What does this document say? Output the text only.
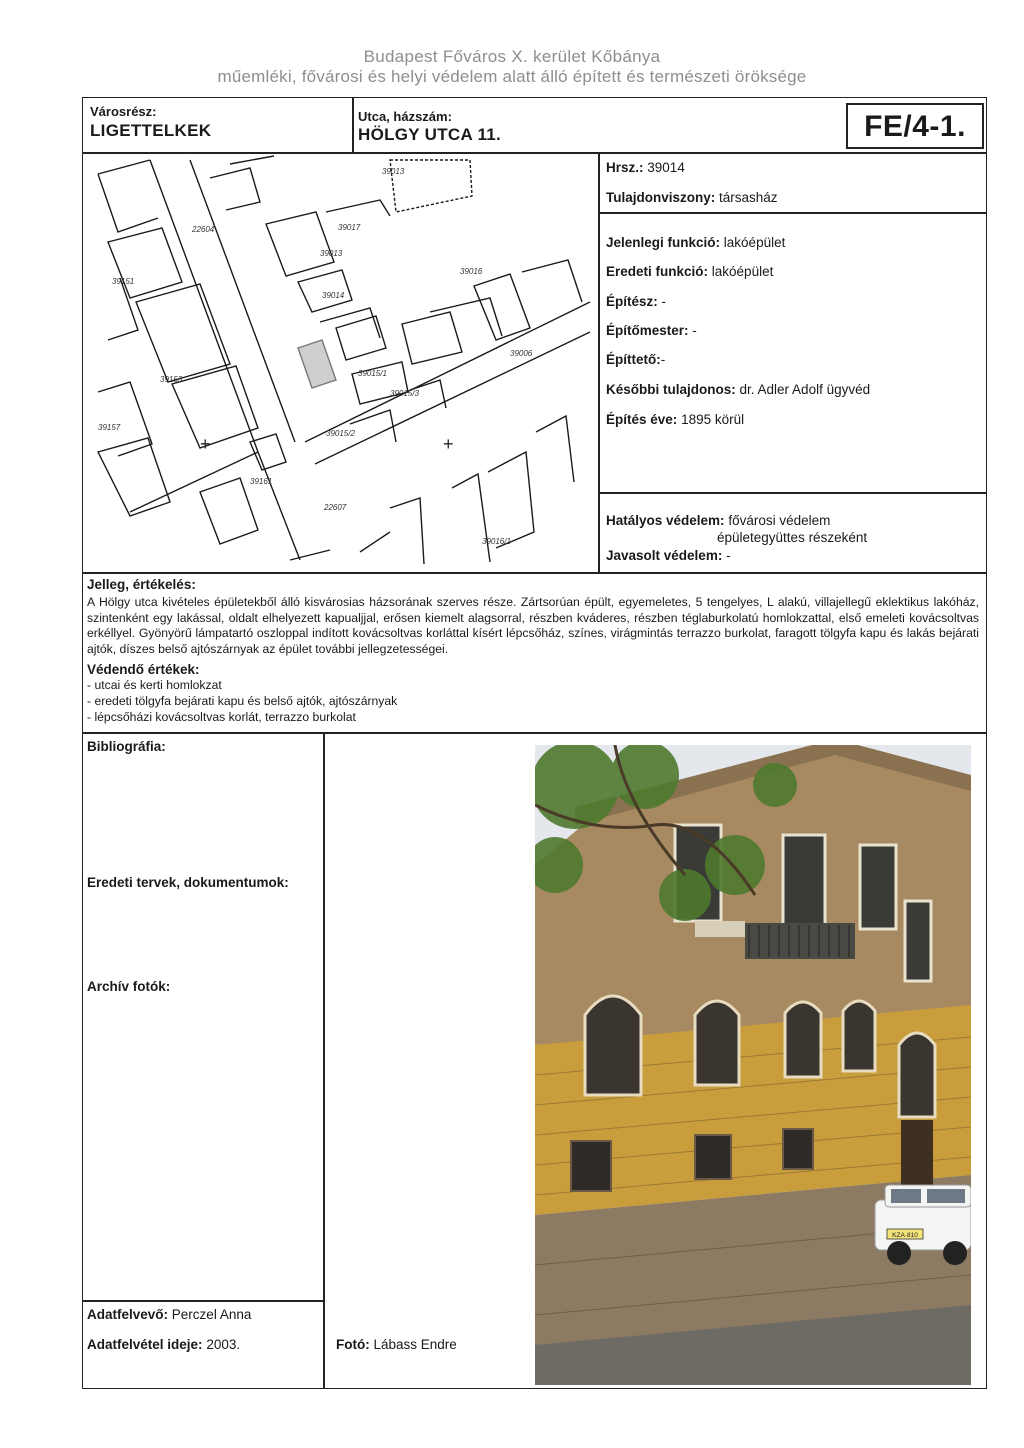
Budapest Főváros X. kerület Kőbánya
műemléki, fővárosi és helyi védelem alatt álló épített és természeti öröksége
Városrész:
LIGETTELKEK
Utca, házszám:
HÖLGY UTCA 11.	FE/4-1.
39013
39017
39014
39016
39015/1
39015/3
39013
39015/2
22604
22607
39151
39153
39157
39161
39006
39016/1
+
+
Hrsz.: 39014
Tulajdonviszony: társasház
Jelenlegi funkció: lakóépület
Eredeti funkció: lakóépület
Építész: -
Építőmester: -
Építtető:-
Későbbi tulajdonos: dr. Adler Adolf ügyvéd
Építés éve: 1895 körül
Hatályos védelem: fővárosi védelem
épületegyüttes részeként
Javasolt védelem: -
Jelleg, értékelés:
A Hölgy utca kivételes épületekből álló kisvárosias házsorának szerves része. Zártsorúan épült, egyemeletes, 5 tengelyes, L alakú, villajellegű eklektikus lakóház, szintenként egy lakással, oldalt elhelyezett kapualjjal, erősen kiemelt alagsorral, részben kváderes, részben téglaburkolatú homlokzattal, első emeleti kovácsoltvas erkéllyel. Gyönyörű lámpatartó oszloppal indított kovácsoltvas korláttal kísért lépcsőház, színes, virágmintás terrazzo burkolat, faragott tölgyfa kapu és lakás bejárati ajtók, díszes belső ajtószárnyak az épület további jellegzetességei.
Védendő értékek:
- utcai és kerti homlokzat
- eredeti tölgyfa bejárati kapu és belső ajtók, ajtószárnyak
- lépcsőházi kovácsoltvas korlát, terrazzo burkolat
Bibliográfia:
Eredeti tervek, dokumentumok:
Archív fotók:
Adatfelvevő: Perczel Anna
Adatfelvétel ideje: 2003.	Fotó: Lábass Endre
KZA·810
